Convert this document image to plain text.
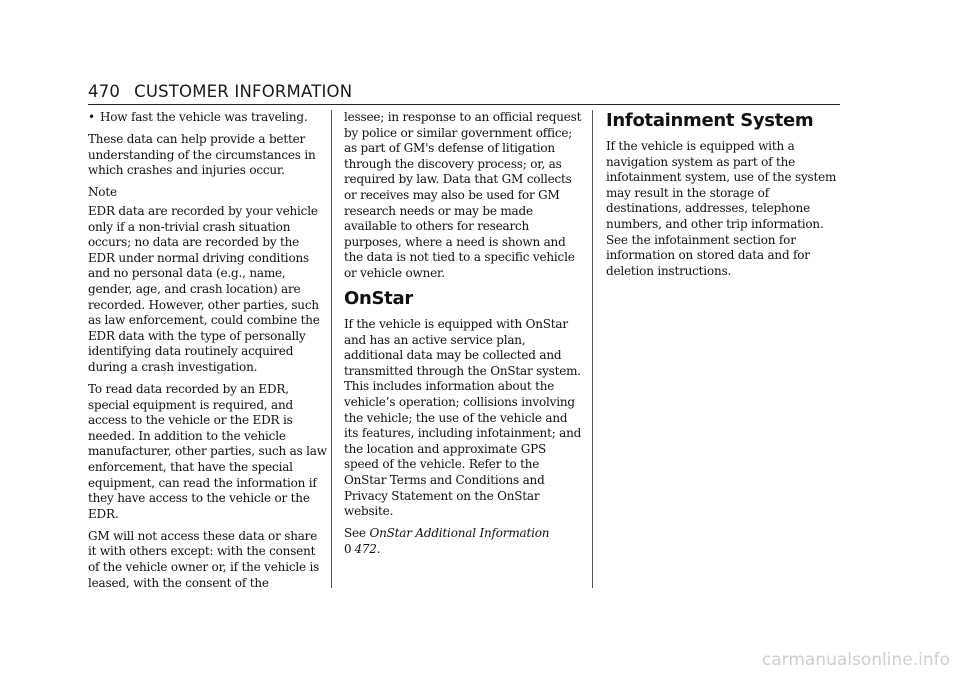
470 CUSTOMER INFORMATION
• How fast the vehicle was traveling.

These data can help provide a better understanding of the circumstances in which crashes and injuries occur.

Note

EDR data are recorded by your vehicle only if a non-trivial crash situation occurs; no data are recorded by the EDR under normal driving conditions and no personal data (e.g., name, gender, age, and crash location) are recorded. However, other parties, such as law enforcement, could combine the EDR data with the type of personally identifying data routinely acquired during a crash investigation.

To read data recorded by an EDR, special equipment is required, and access to the vehicle or the EDR is needed. In addition to the vehicle manufacturer, other parties, such as law enforcement, that have the special equipment, can read the information if they have access to the vehicle or the EDR.

GM will not access these data or share it with others except: with the consent of the vehicle owner or, if the vehicle is leased, with the consent of the

lessee; in response to an official request by police or similar government office; as part of GM's defense of litigation through the discovery process; or, as required by law. Data that GM collects or receives may also be used for GM research needs or may be made available to others for research purposes, where a need is shown and the data is not tied to a specific vehicle or vehicle owner.

OnStar

If the vehicle is equipped with OnStar and has an active service plan, additional data may be collected and transmitted through the OnStar system. This includes information about the vehicle’s operation; collisions involving the vehicle; the use of the vehicle and its features, including infotainment; and the location and approximate GPS speed of the vehicle. Refer to the OnStar Terms and Conditions and Privacy Statement on the OnStar website.

See OnStar Additional Information
0 472.

Infotainment System

If the vehicle is equipped with a navigation system as part of the infotainment system, use of the system may result in the storage of destinations, addresses, telephone numbers, and other trip information. See the infotainment section for information on stored data and for deletion instructions.

carmanualsonline.info
